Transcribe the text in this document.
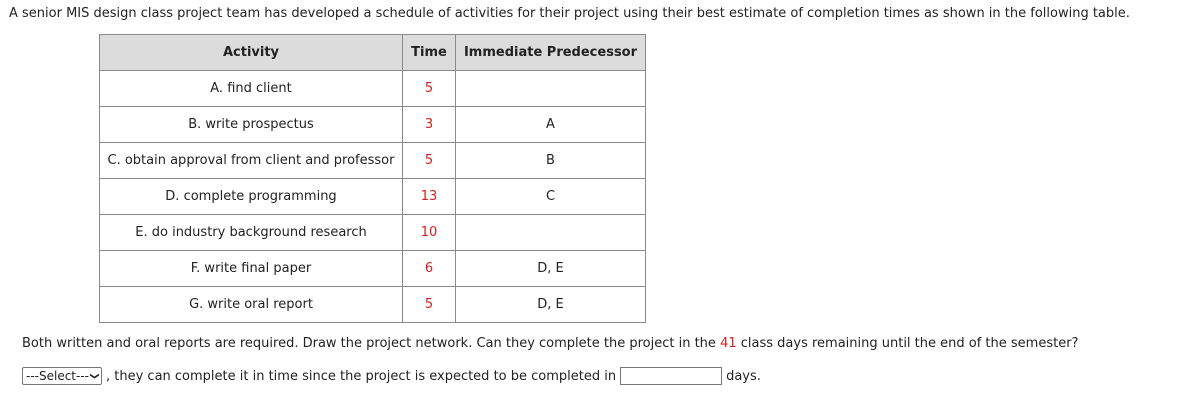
A senior MIS design class project team has developed a schedule of activities for their project using their best estimate of completion times as shown in the following table.
Activity	Time	Immediate Predecessor
A. find client	5	
B. write prospectus	3	A
C. obtain approval from client and professor	5	B
D. complete programming	13	C
E. do industry background research	10	
F. write final paper	6	D, E
G. write oral report	5	D, E
Both written and oral reports are required. Draw the project network. Can they complete the project in the 41 class days remaining until the end of the semester?
---Select--- ❯ , they can complete it in time since the project is expected to be completed in	days.
